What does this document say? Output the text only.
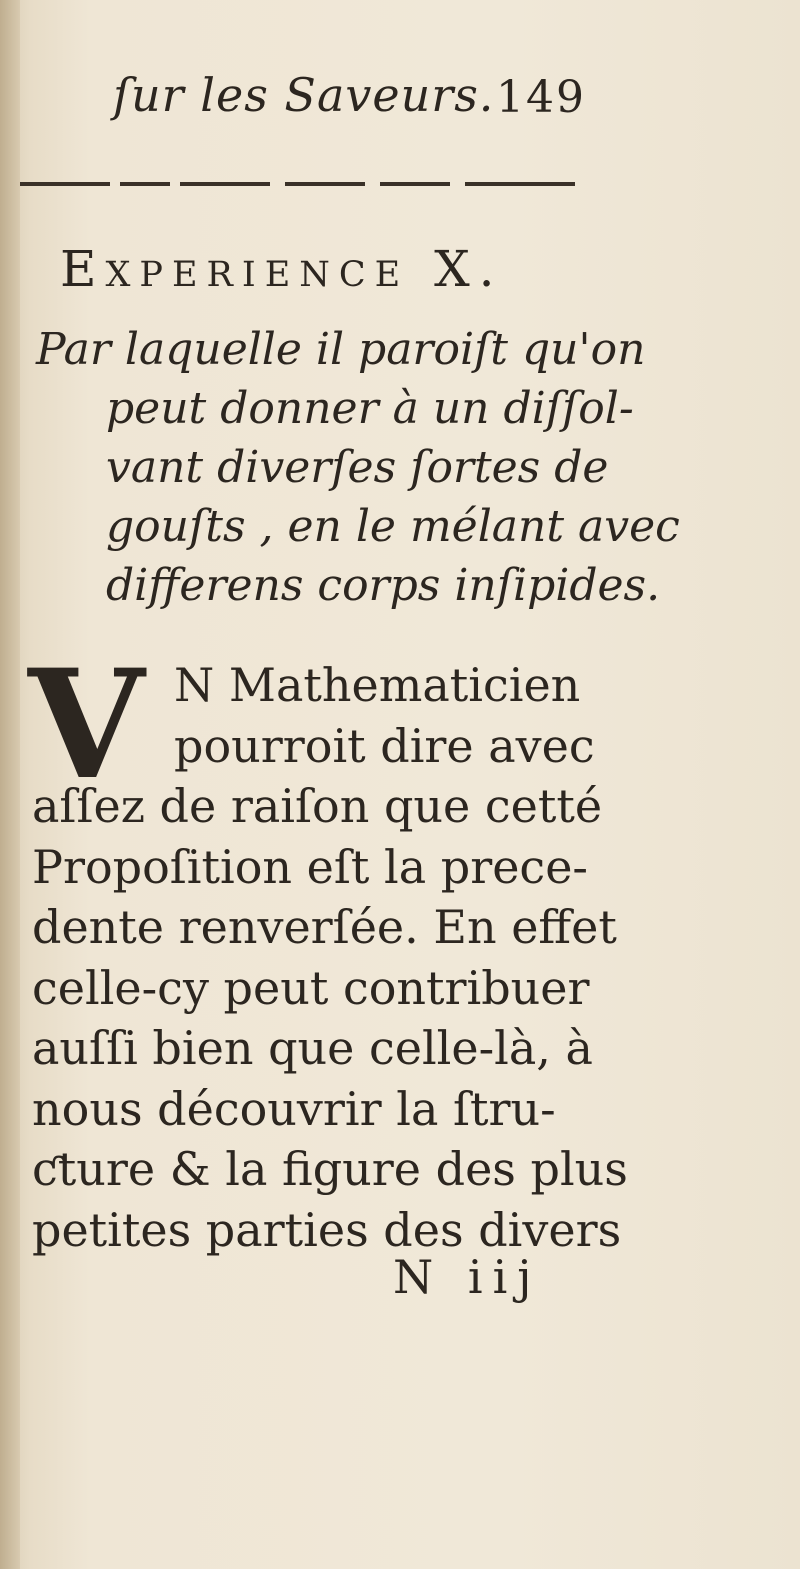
ſur les Saveurs. 149
Experience X.
Par laquelle il paroiſt qu'on
peut donner à un diſſol-
vant diverſes ſortes de
gouſts , en le mélant avec
differens corps inſipides.
V N Mathematicien
pourroit dire avec
aſſez de raiſon que cetté
Propoſition eſt la prece-
dente renverſée. En effet
celle-cy peut contribuer
auſſi bien que celle-là, à
nous découvrir la ſtru-
ƈture & la figure des plus
petites parties des divers
N iij
